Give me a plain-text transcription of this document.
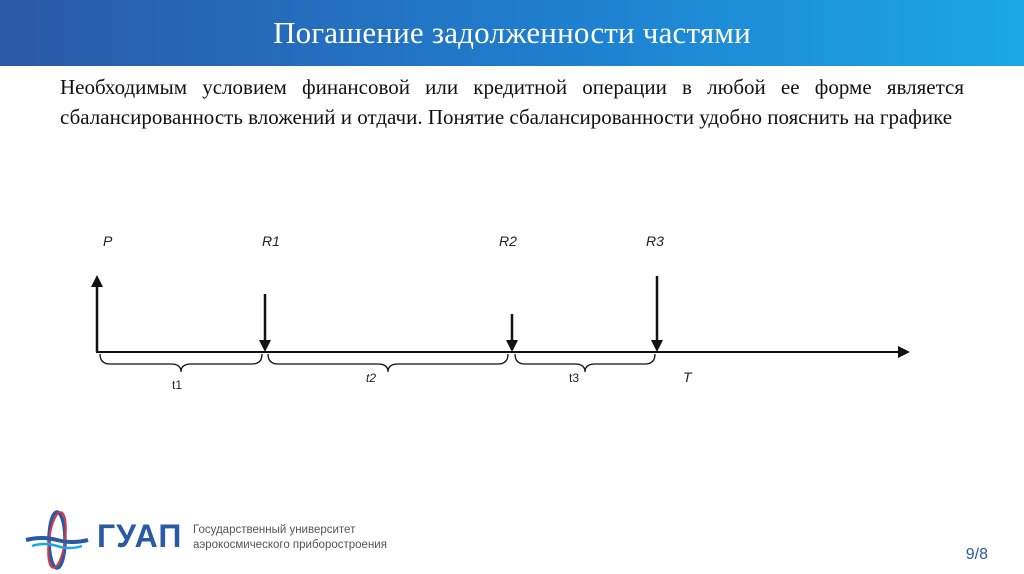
Погашение задолженности частями
Необходимым условием финансовой или кредитной операции в любой ее форме является сбалансированность вложений и отдачи. Понятие сбалансированности удобно пояснить на графике
P	R1	R2	R3
t1	t2	t3	T
ГУАП Государственный университет
аэрокосмического приборостроения
9/8
